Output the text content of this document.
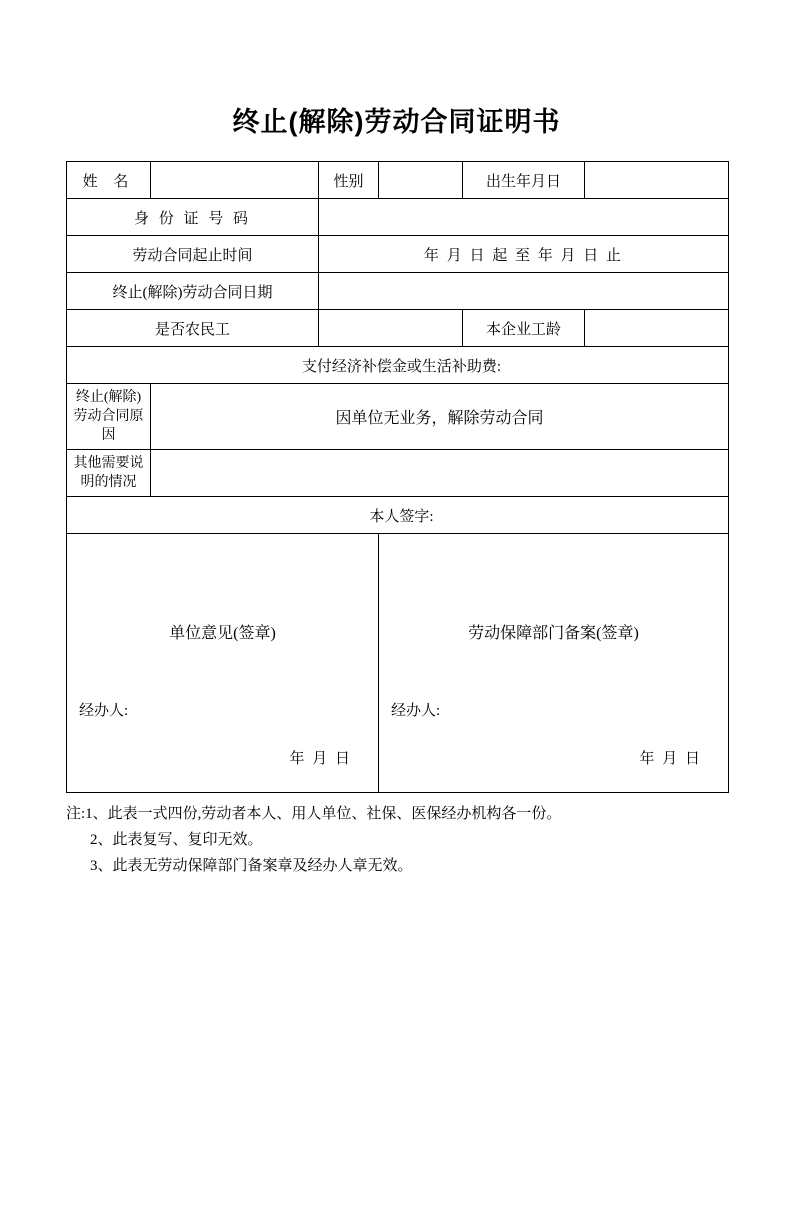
终止(解除)劳动合同证明书
姓 名		性别		出生年月日	
身 份 证 号 码					
劳动合同起止时间		年 月 日 起 至 年 月 日 止			
终止(解除)劳动合同日期					
是否农民工				本企业工龄	
支付经济补偿金或生活补助费:					
终止(解除)劳动合同原因	因单位无业务，解除劳动合同				
其他需要说明的情况					
本人签字:					

单位意见(签章)
经办人:
年 月 日

劳动保障部门备案(签章)
经办人:
年 月 日
注:1、此表一式四份,劳动者本人、用人单位、社保、医保经办机构各一份。
2、此表复写、复印无效。
3、此表无劳动保障部门备案章及经办人章无效。
